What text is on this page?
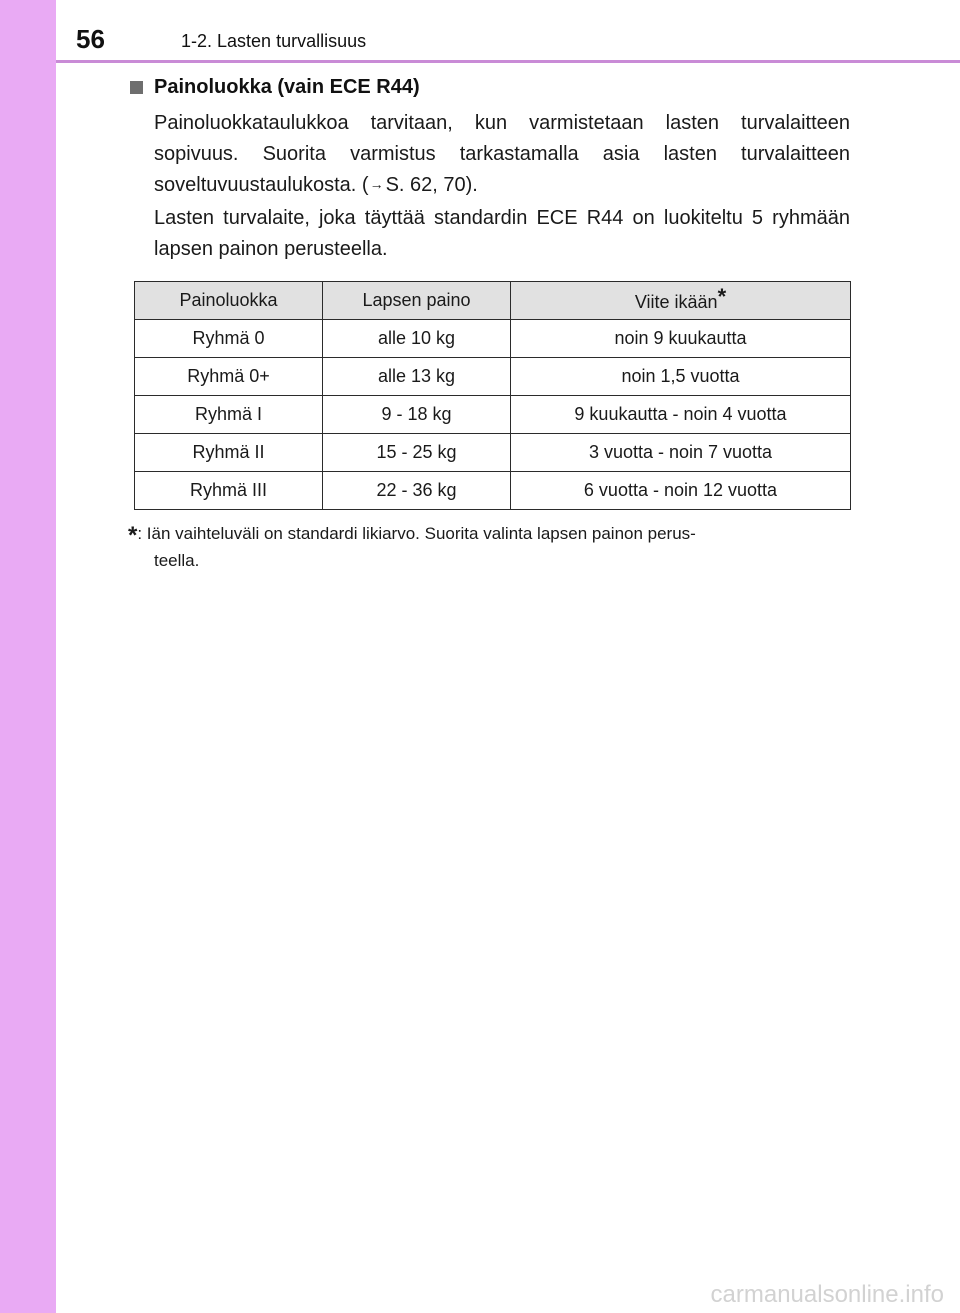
56	1-2. Lasten turvallisuus
Painoluokka (vain ECE R44)
Painoluokkataulukkoa tarvitaan, kun varmistetaan lasten turvalaitteen sopivuus. Suorita varmistus tarkastamalla asia lasten turvalaitteen soveltuvuustaulukosta. (→ S. 62, 70).
Lasten turvalaite, joka täyttää standardin ECE R44 on luokiteltu 5 ryhmään lapsen painon perusteella.
Painoluokka	Lapsen paino	Viite ikään*
Ryhmä 0	alle 10 kg	noin 9 kuukautta
Ryhmä 0+	alle 13 kg	noin 1,5 vuotta
Ryhmä I	9 - 18 kg	9 kuukautta - noin 4 vuotta
Ryhmä II	15 - 25 kg	3 vuotta - noin 7 vuotta
Ryhmä III	22 - 36 kg	6 vuotta - noin 12 vuotta
* : Iän vaihteluväli on standardi likiarvo. Suorita valinta lapsen painon perus-
teella.
carmanualsonline.info
